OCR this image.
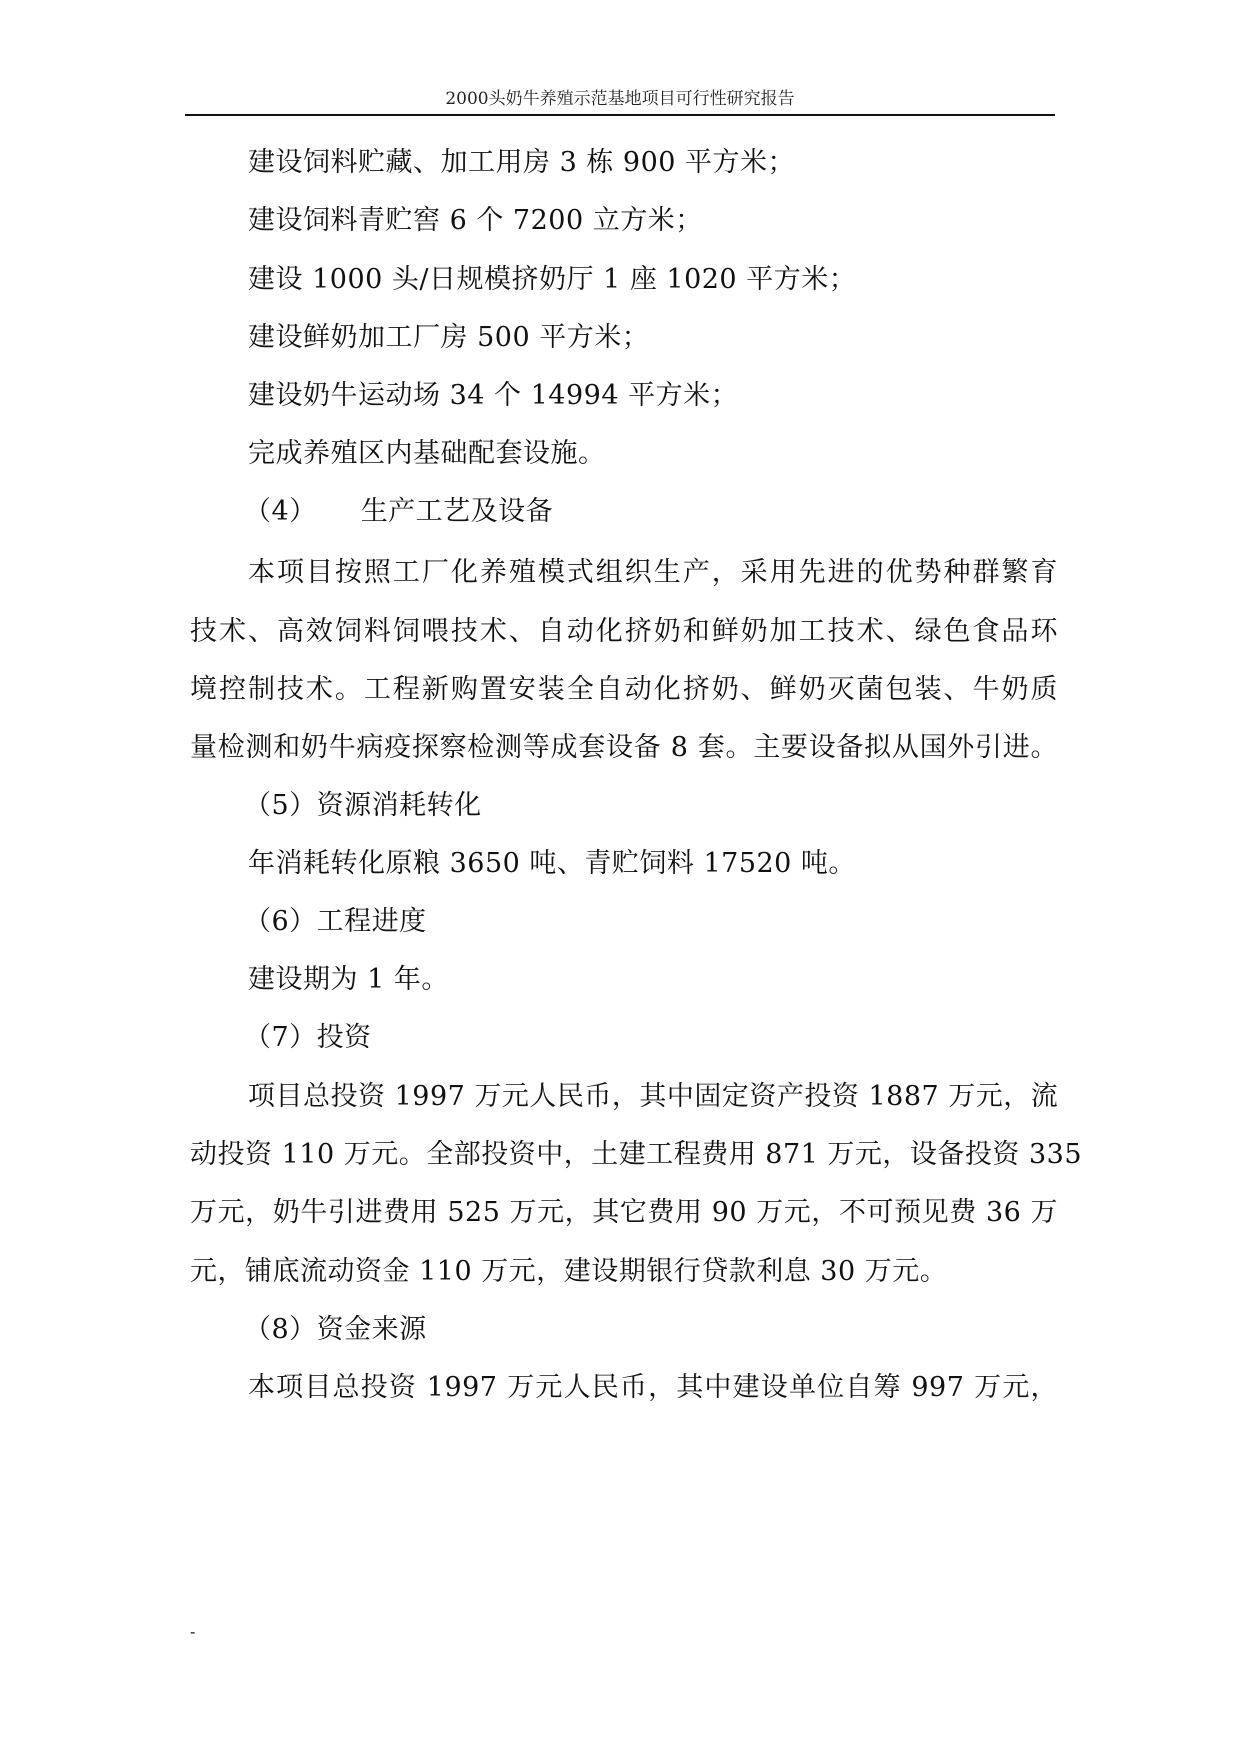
2000头奶牛养殖示范基地项目可行性研究报告
建设饲料贮藏、加工用房 3 栋 900 平方米；
建设饲料青贮窖 6 个 7200 立方米；
建设 1000 头/日规模挤奶厅 1 座 1020 平方米；
建设鲜奶加工厂房 500 平方米；
建设奶牛运动场 34 个 14994 平方米；
完成养殖区内基础配套设施。
（4） 生产工艺及设备
本项目按照工厂化养殖模式组织生产，采用先进的优势种群繁育
技术、高效饲料饲喂技术、自动化挤奶和鲜奶加工技术、绿色食品环
境控制技术。工程新购置安装全自动化挤奶、鲜奶灭菌包装、牛奶质
量检测和奶牛病疫探察检测等成套设备 8 套。主要设备拟从国外引进。
（5）资源消耗转化
年消耗转化原粮 3650 吨、青贮饲料 17520 吨。
（6）工程进度
建设期为 1 年。
（7）投资
项目总投资 1997 万元人民币，其中固定资产投资 1887 万元，流
动投资 110 万元。全部投资中，土建工程费用 871 万元，设备投资 335
万元，奶牛引进费用 525 万元，其它费用 90 万元，不可预见费 36 万
元，铺底流动资金 110 万元，建设期银行贷款利息 30 万元。
（8）资金来源
本项目总投资 1997 万元人民币，其中建设单位自筹 997 万元，
-
